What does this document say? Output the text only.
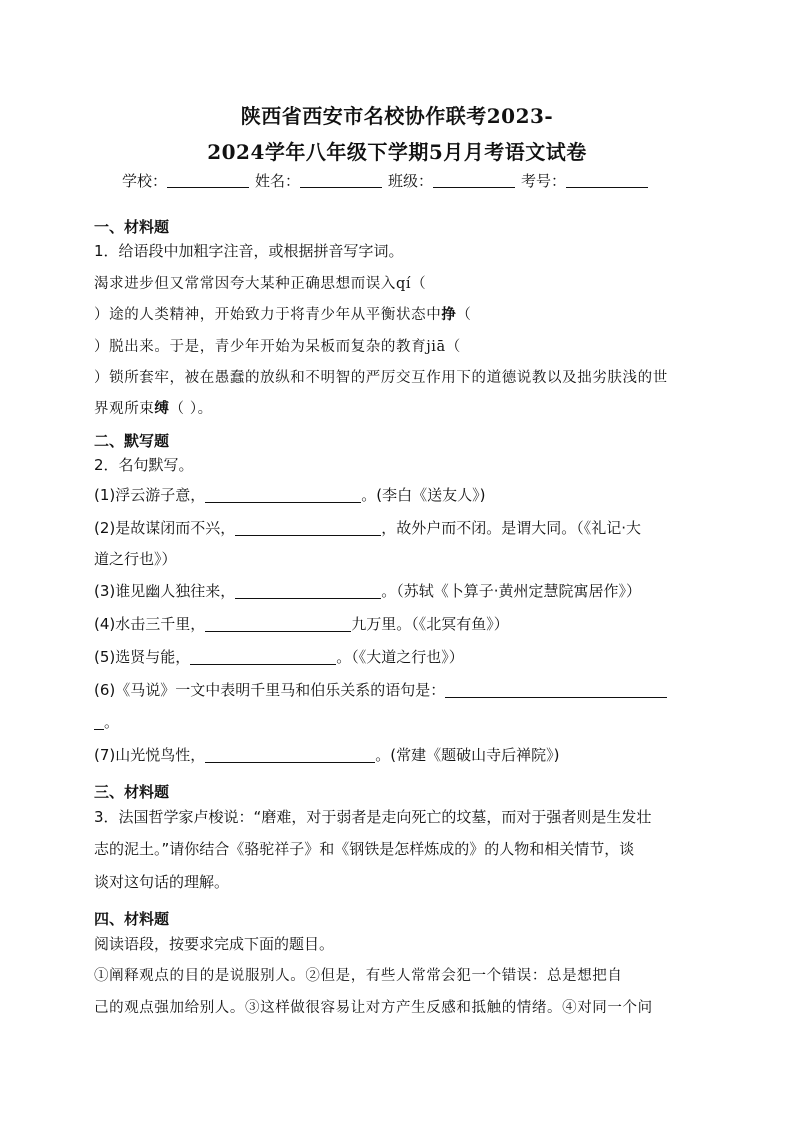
陕西省西安市名校协作联考2023-
2024学年八年级下学期5月月考语文试卷
学校：	姓名：	班级：	考号：
一、材料题
1．给语段中加粗字注音，或根据拼音写字词。
渴求进步但又常常因夸大某种正确思想而误入qí（
）途的人类精神，开始致力于将青少年从平衡状态中挣（
）脱出来。于是，青少年开始为呆板而复杂的教育jiā（
）锁所套牢，被在愚蠢的放纵和不明智的严厉交互作用下的道德说教以及拙劣肤浅的世
界观所束缚（ ）。
二、默写题
2．名句默写。
(1)浮云游子意，	。(李白《送友人》)
(2)是故谋闭而不兴，	，故外户而不闭。是谓大同。（《礼记·大
道之行也》）
(3)谁见幽人独往来，	。（苏轼《卜算子·黄州定慧院寓居作》）
(4)水击三千里，	九万里。（《北冥有鱼》）
(5)选贤与能，	。（《大道之行也》）
(6)《马说》一文中表明千里马和伯乐关系的语句是：
。
(7)山光悦鸟性，	。(常建《题破山寺后禅院》)
三、材料题
3．法国哲学家卢梭说：“磨难，对于弱者是走向死亡的坟墓，而对于强者则是生发壮
志的泥土。”请你结合《骆驼祥子》和《钢铁是怎样炼成的》的人物和相关情节，谈
谈对这句话的理解。
四、材料题
阅读语段，按要求完成下面的题目。
①阐释观点的目的是说服别人。②但是，有些人常常会犯一个错误：总是想把自
己的观点强加给别人。③这样做很容易让对方产生反感和抵触的情绪。④对同一个问
